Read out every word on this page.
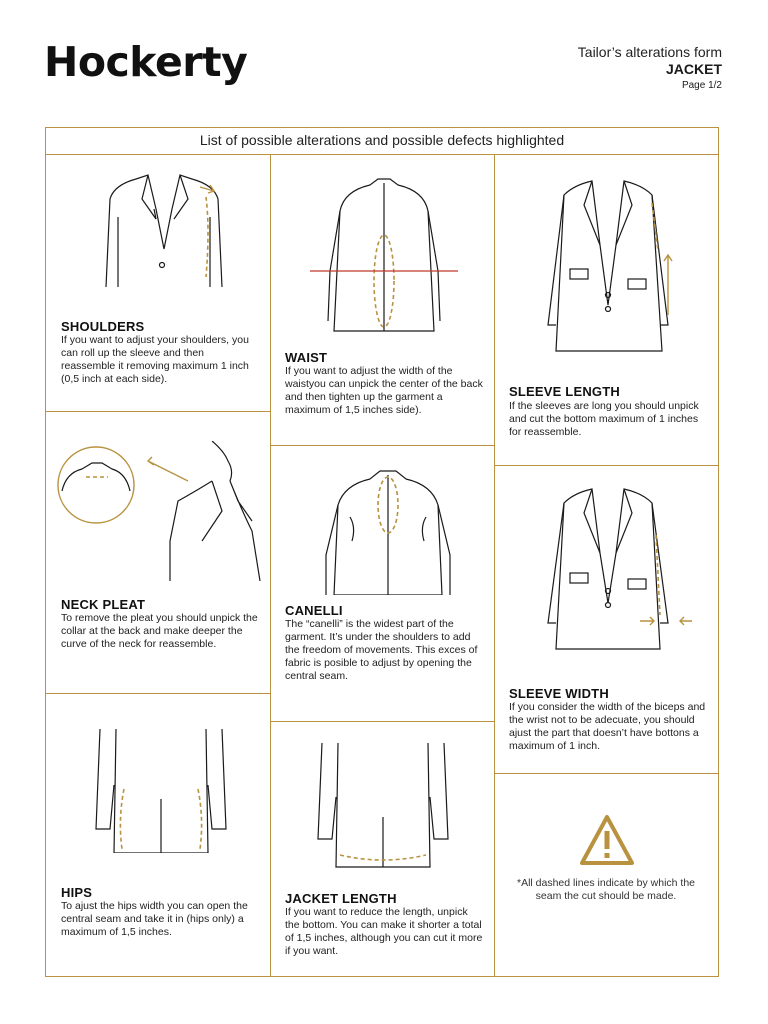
Hockerty	Tailor’s alterations form
JACKET
Page 1/2
List of possible alterations and possible defects highlighted
SHOULDERS
If you want to adjust your shoulders, you can roll up the sleeve and then reassemble it removing maximum 1 inch (0,5 inch at each side).
WAIST
If you want to adjust the width of the waistyou can unpick the center of the back and then tighten up the garment a maximum of 1,5 inches side).
SLEEVE LENGTH
If the sleeves are long you should unpick and cut the bottom maximum of 1 inches for reassemble.
NECK PLEAT
To remove the pleat you should unpick the collar at the back and make deeper the curve of the neck for reassemble.
CANELLI
The “canelli” is the widest part of the garment. It’s under the shoulders to add the freedom of movements. This exces of fabric is posible to adjust by opening the central seam.
SLEEVE WIDTH
If you consider the width of the biceps and the wrist not to be adecuate, you should ajust the part that doesn’t have bottons a maximum of 1 inch.
HIPS
To ajust the hips width you can open the central seam and take it in (hips only) a maximum of 1,5 inches.
JACKET LENGTH
If you want to reduce the length, unpick the bottom. You can make it shorter a total of 1,5 inches, although you can cut it more if you want.
*All dashed lines indicate by which the seam the cut should be made.
